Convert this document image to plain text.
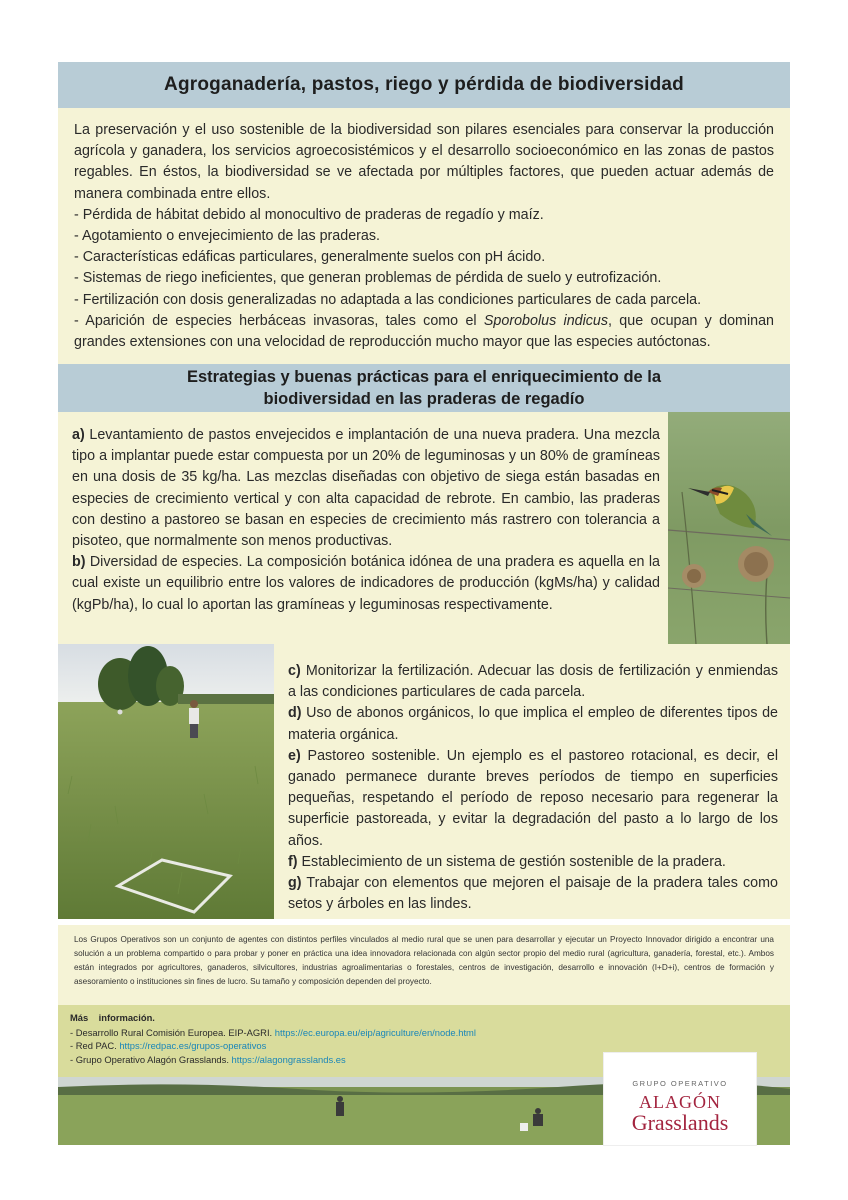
Agroganadería, pastos, riego y pérdida de biodiversidad

La preservación y el uso sostenible de la biodiversidad son pilares esenciales para conservar la producción agrícola y ganadera, los servicios agroecosistémicos y el desarrollo socioeconómico en las zonas de pastos regables. En éstos, la biodiversidad se ve afectada por múltiples factores, que pueden actuar además de manera combinada entre ellos.

- Pérdida de hábitat debido al monocultivo de praderas de regadío y maíz.

- Agotamiento o envejecimiento de las praderas.

- Características edáficas particulares, generalmente suelos con pH ácido.

- Sistemas de riego ineficientes, que generan problemas de pérdida de suelo y eutrofización.

- Fertilización con dosis generalizadas no adaptada a las condiciones particulares de cada parcela.

- Aparición de especies herbáceas invasoras, tales como el Sporobolus indicus, que ocupan y dominan grandes extensiones con una velocidad de reproducción mucho mayor que las especies autóctonas.

Estrategias y buenas prácticas para el enriquecimiento de la
biodiversidad en las praderas de regadío

a) Levantamiento de pastos envejecidos e implantación de una nueva pradera. Una mezcla tipo a implantar puede estar compuesta por un 20% de leguminosas y un 80% de gramíneas en una dosis de 35 kg/ha. Las mezclas diseñadas con objetivo de siega están basadas en especies de crecimiento vertical y con alta capacidad de rebrote. En cambio, las praderas con destino a pastoreo se basan en especies de crecimiento más rastrero con tolerancia a pisoteo, que normalmente son menos productivas.

b) Diversidad de especies. La composición botánica idónea de una pradera es aquella en la cual existe un equilibrio entre los valores de indicadores de producción (kgMs/ha) y calidad (kgPb/ha), lo cual lo aportan las gramíneas y leguminosas respectivamente.

c) Monitorizar la fertilización. Adecuar las dosis de fertilización y enmiendas a las condiciones particulares de cada parcela.

d) Uso de abonos orgánicos, lo que implica el empleo de diferentes tipos de materia orgánica.

e) Pastoreo sostenible. Un ejemplo es el pastoreo rotacional, es decir, el ganado permanece durante breves períodos de tiempo en superficies pequeñas, respetando el período de reposo necesario para regenerar la superficie pastoreada, y evitar la degradación del pasto a lo largo de los años.

f) Establecimiento de un sistema de gestión sostenible de la pradera.

g) Trabajar con elementos que mejoren el paisaje de la pradera tales como setos y árboles en las lindes.

Los Grupos Operativos son un conjunto de agentes con distintos perfiles vinculados al medio rural que se unen para desarrollar y ejecutar un Proyecto Innovador dirigido a encontrar una solución a un problema compartido o para probar y poner en práctica una idea innovadora relacionada con algún sector propio del medio rural (agricultura, ganadería, forestal, etc.). Ambos están integrados por agricultores, ganaderos, silvicultores, industrias agroalimentarias o forestales, centros de investigación, desarrollo e innovación (I+D+i), centros de formación y asesoramiento o instituciones sin fines de lucro. Su tamaño y composición dependen del proyecto.

Más    información.
- Desarrollo Rural Comisión Europea. EIP-AGRI. https://ec.europa.eu/eip/agriculture/en/node.html
- Red PAC. https://redpac.es/grupos-operativos
- Grupo Operativo Alagón Grasslands. https://alagongrasslands.es
GRUPO OPERATIVO
ALAGÓN
Grasslands
